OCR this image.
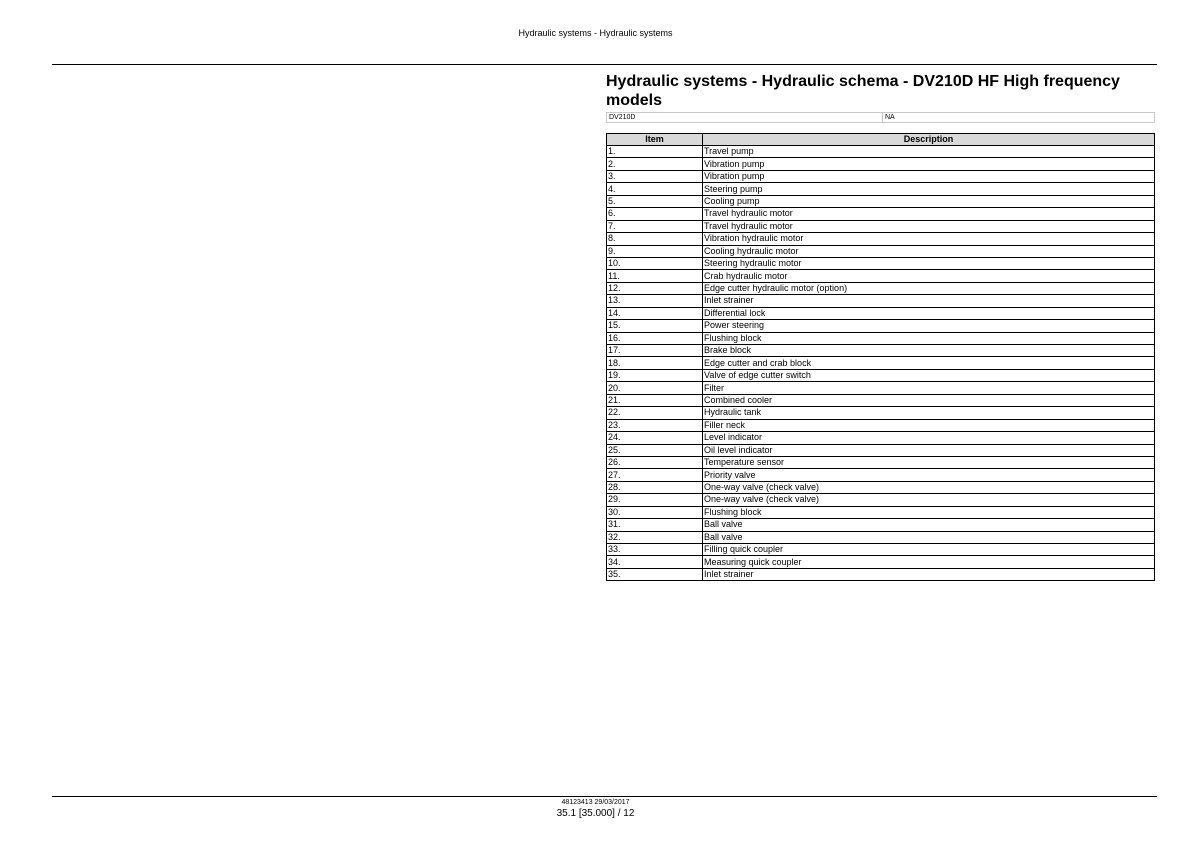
Hydraulic systems - Hydraulic systems
Hydraulic systems - Hydraulic schema - DV210D HF High frequency models
DV210D	NA
Item	Description
1.	Travel pump
2.	Vibration pump
3.	Vibration pump
4.	Steering pump
5.	Cooling pump
6.	Travel hydraulic motor
7.	Travel hydraulic motor
8.	Vibration hydraulic motor
9.	Cooling hydraulic motor
10.	Steering hydraulic motor
11.	Crab hydraulic motor
12.	Edge cutter hydraulic motor (option)
13.	Inlet strainer
14.	Differential lock
15.	Power steering
16.	Flushing block
17.	Brake block
18.	Edge cutter and crab block
19.	Valve of edge cutter switch
20.	Filter
21.	Combined cooler
22.	Hydraulic tank
23.	Filler neck
24.	Level indicator
25.	Oil level indicator
26.	Temperature sensor
27.	Priority valve
28.	One-way valve (check valve)
29.	One-way valve (check valve)
30.	Flushing block
31.	Ball valve
32.	Ball valve
33.	Filling quick coupler
34.	Measuring quick coupler
35.	Inlet strainer
48123413 29/03/2017
35.1 [35.000] / 12
